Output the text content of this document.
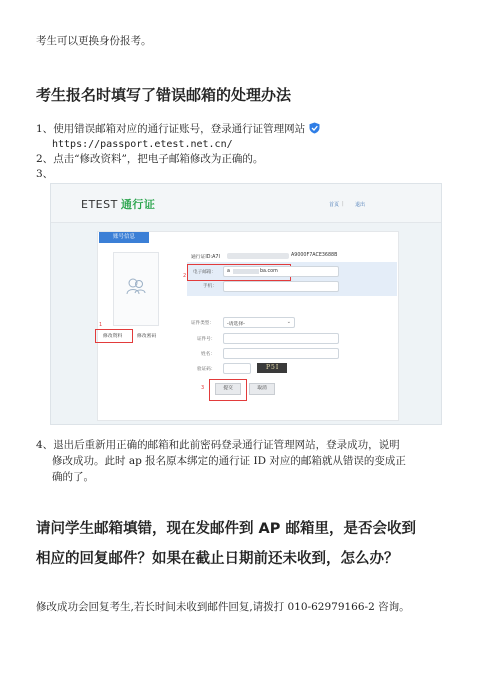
考生可以更换身份报考。
考生报名时填写了错误邮箱的处理办法
1、使用错误邮箱对应的通行证账号，登录通行证管理网站
https://passport.etest.net.cn/
2、点击“修改资料”，把电子邮箱修改为正确的。
3、
ETEST 通行证	首页 | 退出
账号信息
1
修改资料	修改密码
通行证ID:A7I	A9000F7ACE3688B
2
电子邮箱： a	ba.com
手机：
证件类型：	-请选择-	⌄
证件号：
姓名：
验证码：	P5I
3	提交	取消
4、退出后重新用正确的邮箱和此前密码登录通行证管理网站，登录成功，说明
修改成功。此时 ap 报名原本绑定的通行证 ID 对应的邮箱就从错误的变成正
确的了。
请问学生邮箱填错，现在发邮件到 AP 邮箱里，是否会收到
相应的回复邮件？如果在截止日期前还未收到，怎么办？
修改成功会回复考生,若长时间未收到邮件回复,请拨打 010-62979166-2 咨询。
